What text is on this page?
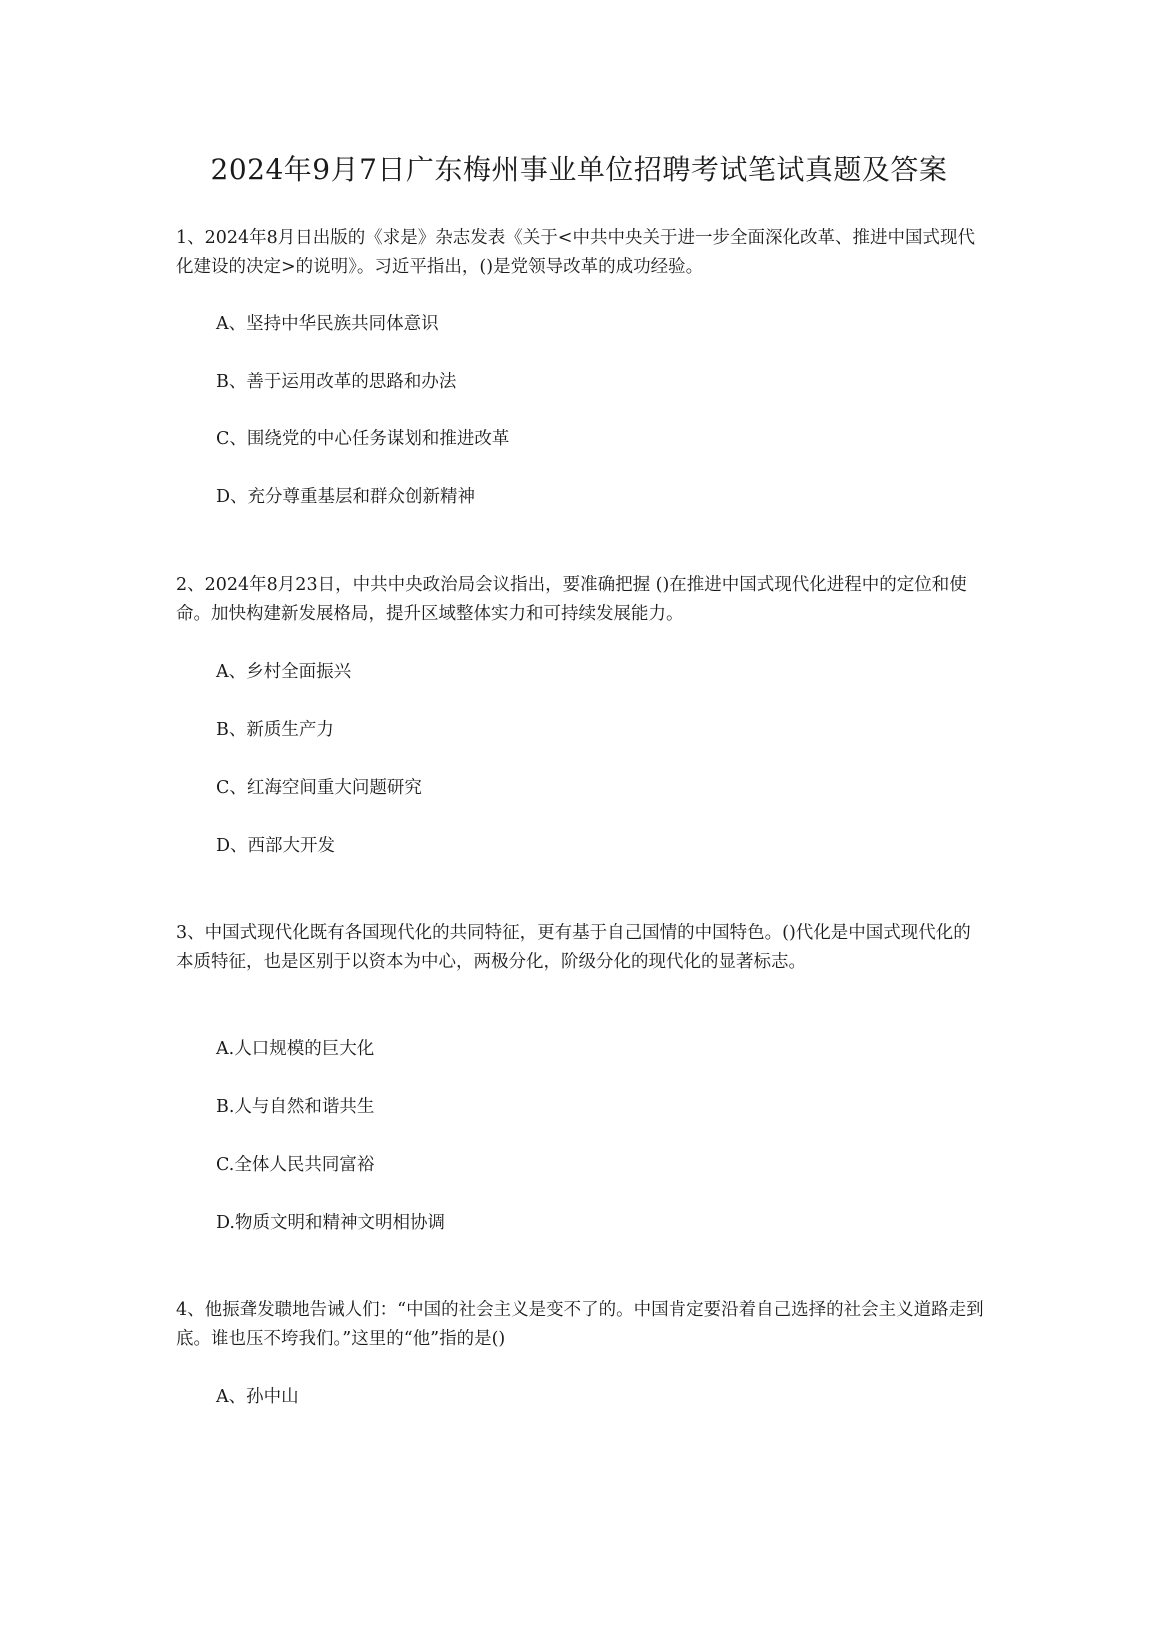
2024年9月7日广东梅州事业单位招聘考试笔试真题及答案

1、2024年8月日出版的《求是》杂志发表《关于<中共中央关于进一步全面深化改革、推进中国式现代化建设的决定>的说明》。习近平指出，()是党领导改革的成功经验。

A、坚持中华民族共同体意识

B、善于运用改革的思路和办法

C、围绕党的中心任务谋划和推进改革

D、充分尊重基层和群众创新精神

2、2024年8月23日，中共中央政治局会议指出，要准确把握 ()在推进中国式现代化进程中的定位和使命。加快构建新发展格局，提升区域整体实力和可持续发展能力。

A、乡村全面振兴

B、新质生产力

C、红海空间重大问题研究

D、西部大开发

3、中国式现代化既有各国现代化的共同特征，更有基于自己国情的中国特色。()代化是中国式现代化的本质特征，也是区别于以资本为中心，两极分化，阶级分化的现代化的显著标志。

A.人口规模的巨大化

B.人与自然和谐共生

C.全体人民共同富裕

D.物质文明和精神文明相协调

4、他振聋发聩地告诫人们：“中国的社会主义是变不了的。中国肯定要沿着自己选择的社会主义道路走到底。谁也压不垮我们。”这里的“他”指的是()

A、孙中山
